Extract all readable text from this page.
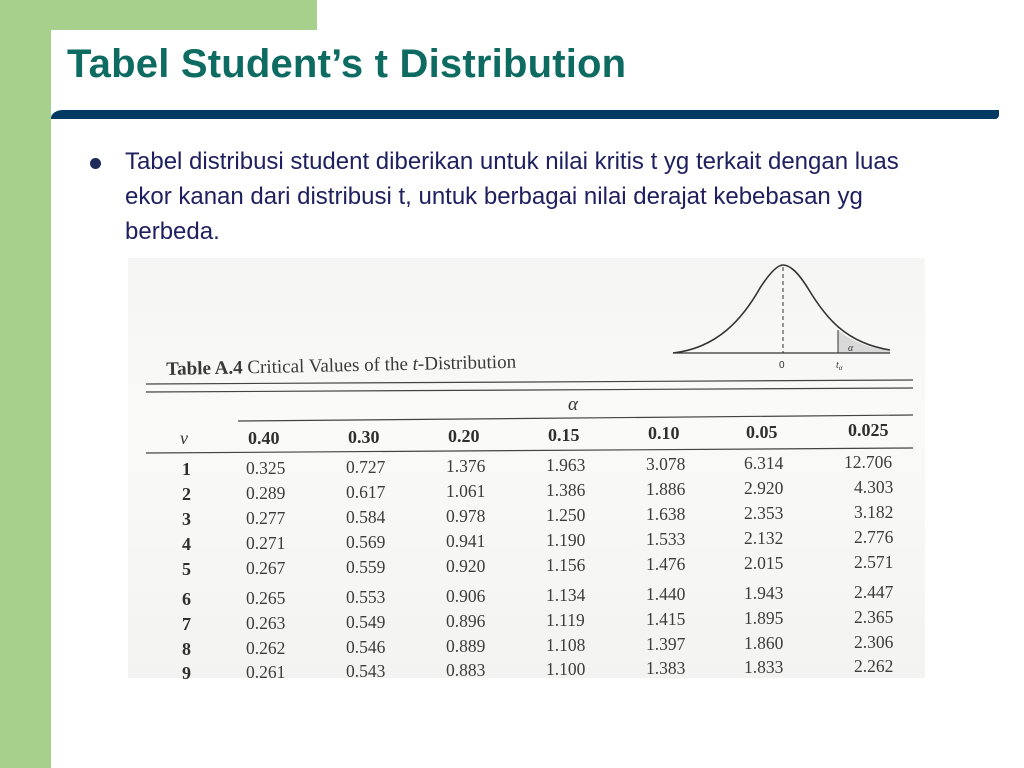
Tabel Student’s t Distribution

Tabel distribusi student diberikan untuk nilai kritis t yg terkait dengan luas ekor kanan dari distribusi t, untuk berbagai nilai derajat kebebasan yg berbeda.

0	$t_\alpha$
α
Table A.4 Critical Values of the t-Distribution
α
v	0.40	0.30	0.20	0.15	0.10	0.05	0.025
1	0.325	0.727	1.376	1.963	3.078	6.314	12.706
2	0.289	0.617	1.061	1.386	1.886	2.920	4.303
3	0.277	0.584	0.978	1.250	1.638	2.353	3.182
4	0.271	0.569	0.941	1.190	1.533	2.132	2.776
5	0.267	0.559	0.920	1.156	1.476	2.015	2.571
6	0.265	0.553	0.906	1.134	1.440	1.943	2.447
7	0.263	0.549	0.896	1.119	1.415	1.895	2.365
8	0.262	0.546	0.889	1.108	1.397	1.860	2.306
9	0.261	0.543	0.883	1.100	1.383	1.833	2.262
